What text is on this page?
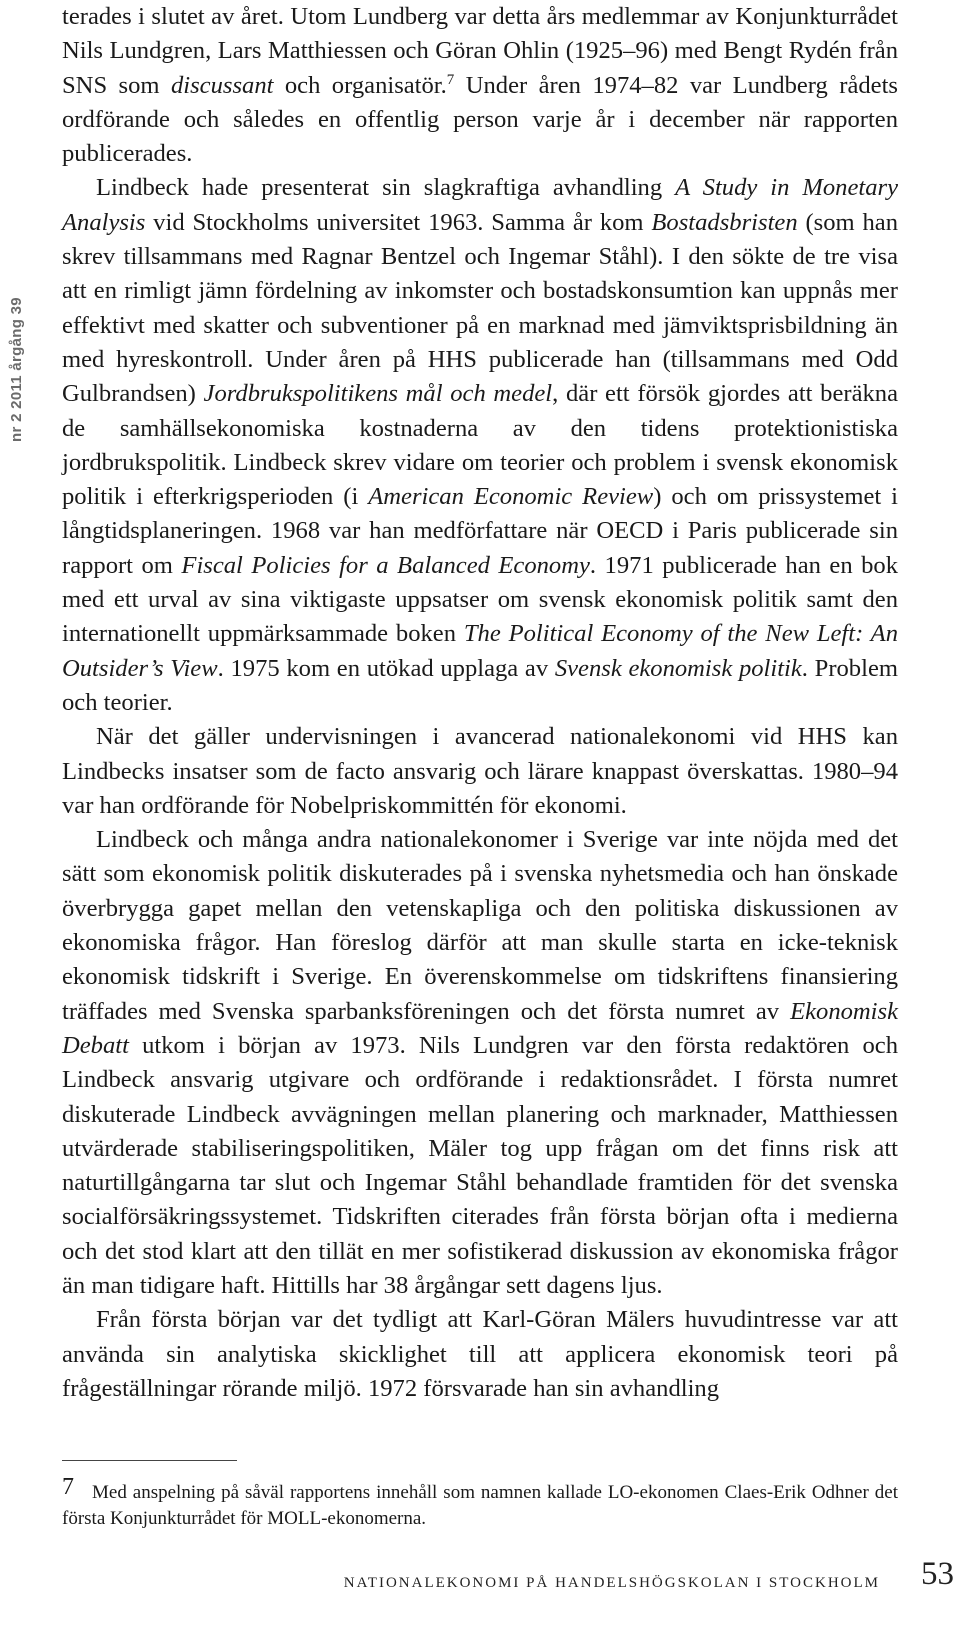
nr 2 2011 årgång 39

terades i slutet av året. Utom Lundberg var detta års medlemmar av Konjunkturrådet Nils Lundgren, Lars Matthiessen och Göran Ohlin (1925–96) med Bengt Rydén från SNS som discussant och organisatör.$^7$ Under åren 1974–82 var Lundberg rådets ordförande och således en offentlig person varje år i december när rapporten publicerades.

Lindbeck hade presenterat sin slagkraftiga avhandling A Study in Monetary Analysis vid Stockholms universitet 1963. Samma år kom Bostadsbristen (som han skrev tillsammans med Ragnar Bentzel och Ingemar Ståhl). I den sökte de tre visa att en rimligt jämn fördelning av inkomster och bostadskonsumtion kan uppnås mer effektivt med skatter och subventioner på en marknad med jämviktsprisbildning än med hyreskontroll. Under åren på HHS publicerade han (tillsammans med Odd Gulbrandsen) Jordbrukspolitikens mål och medel, där ett försök gjordes att beräkna de samhällsekonomiska kostnaderna av den tidens protektionistiska jordbrukspolitik. Lindbeck skrev vidare om teorier och problem i svensk ekonomisk politik i efterkrigsperioden (i American Economic Review) och om prissystemet i långtidsplaneringen. 1968 var han medförfattare när OECD i Paris publicerade sin rapport om Fiscal Policies for a Balanced Economy. 1971 publicerade han en bok med ett urval av sina viktigaste uppsatser om svensk ekonomisk politik samt den internationellt uppmärksammade boken The Political Economy of the New Left: An Outsider’s View. 1975 kom en utökad upplaga av Svensk ekonomisk politik. Problem och teorier.

När det gäller undervisningen i avancerad nationalekonomi vid HHS kan Lindbecks insatser som de facto ansvarig och lärare knappast överskattas. 1980–94 var han ordförande för Nobelpriskommittén för ekonomi.

Lindbeck och många andra nationalekonomer i Sverige var inte nöjda med det sätt som ekonomisk politik diskuterades på i svenska nyhetsmedia och han önskade överbrygga gapet mellan den vetenskapliga och den politiska diskussionen av ekonomiska frågor. Han föreslog därför att man skulle starta en icke-teknisk ekonomisk tidskrift i Sverige. En överenskommelse om tidskriftens finansiering träffades med Svenska sparbanksföreningen och det första numret av Ekonomisk Debatt utkom i början av 1973. Nils Lundgren var den första redaktören och Lindbeck ansvarig utgivare och ordförande i redaktionsrådet. I första numret diskuterade Lindbeck avvägningen mellan planering och marknader, Matthiessen utvärderade stabiliseringspolitiken, Mäler tog upp frågan om det finns risk att naturtillgångarna tar slut och Ingemar Ståhl behandlade framtiden för det svenska socialförsäkringssystemet. Tidskriften citerades från första början ofta i medierna och det stod klart att den tillät en mer sofistikerad diskussion av ekonomiska frågor än man tidigare haft. Hittills har 38 årgångar sett dagens ljus.

Från första början var det tydligt att Karl-Göran Mälers huvudintresse var att använda sin analytiska skicklighet till att applicera ekonomisk teori på frågeställningar rörande miljö. 1972 försvarade han sin avhandling

7 Med anspelning på såväl rapportens innehåll som namnen kallade LO-ekonomen Claes-Erik Odhner det första Konjunkturrådet för MOLL-ekonomerna.
NATIONALEKONOMI PÅ HANDELSHÖGSKOLAN I STOCKHOLM 53
